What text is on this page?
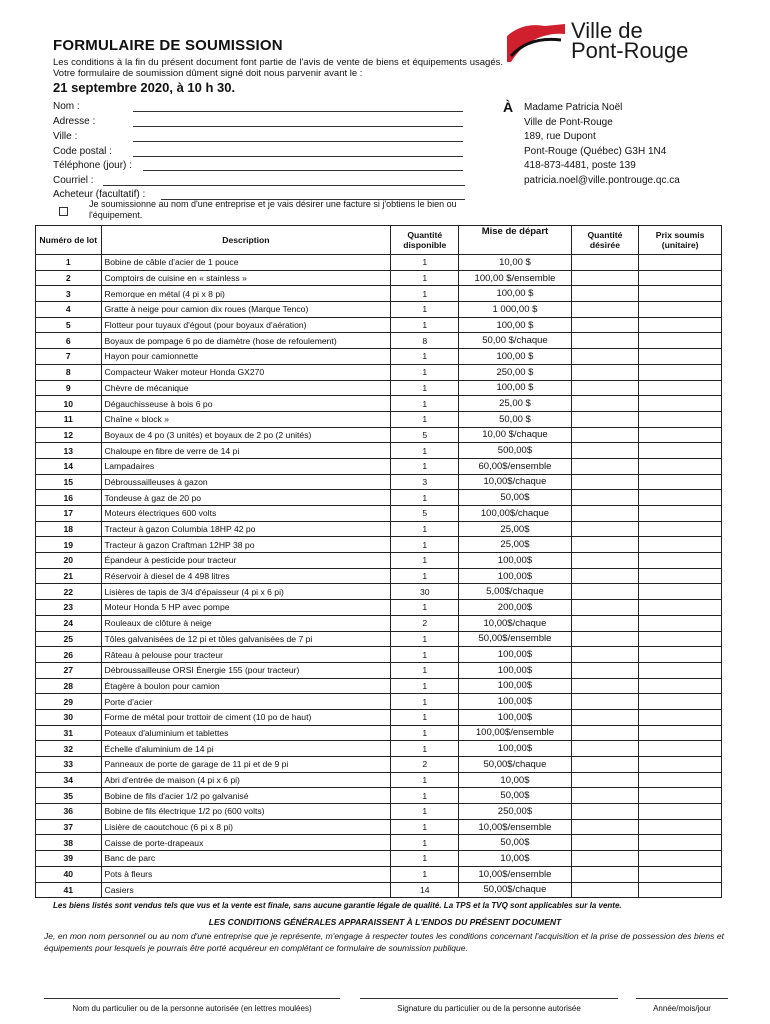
Ville de
Pont-Rouge
FORMULAIRE DE SOUMISSION
Les conditions à la fin du présent document font partie de l'avis de vente de biens et équipements usagés. Votre formulaire de soumission dûment signé doit nous parvenir avant le :
21 septembre 2020, à 10 h 30.
Nom :
Adresse :
Ville :
Code postal :
Téléphone (jour) :
Courriel :
Acheteur (facultatif) :
À Madame Patricia Noël
Ville de Pont-Rouge
189, rue Dupont
Pont-Rouge (Québec) G3H 1N4
418-873-4481, poste 139
patricia.noel@ville.pontrouge.qc.ca
Je soumissionne au nom d'une entreprise et je vais désirer une facture si j'obtiens le bien ou l'équipement.
Numéro de lot	Description	Quantité disponible	Mise de départ	Quantité désirée	Prix soumis (unitaire)
1	Bobine de câble d'acier de 1 pouce	1	10,00 $		
2	Comptoirs de cuisine en « stainless »	1	100,00 $/ensemble		
3	Remorque en métal (4 pi x 8 pi)	1	100,00 $		
4	Gratte à neige pour camion dix roues (Marque Tenco)	1	1 000,00 $		
5	Flotteur pour tuyaux d'égout (pour boyaux d'aération)	1	100,00 $		
6	Boyaux de pompage 6 po de diamètre (hose de refoulement)	8	50,00 $/chaque		
7	Hayon pour camionnette	1	100,00 $		
8	Compacteur Waker moteur Honda GX270	1	250,00 $		
9	Chèvre de mécanique	1	100,00 $		
10	Dégauchisseuse à bois 6 po	1	25,00 $		
11	Chaîne « block »	1	50,00 $		
12	Boyaux de 4 po (3 unités) et boyaux de 2 po (2 unités)	5	10,00 $/chaque		
13	Chaloupe en fibre de verre de 14 pi	1	500,00$		
14	Lampadaires	1	60,00$/ensemble		
15	Débroussailleuses à gazon	3	10,00$/chaque		
16	Tondeuse à gaz de 20 po	1	50,00$		
17	Moteurs électriques 600 volts	5	100,00$/chaque		
18	Tracteur à gazon Columbia 18HP 42 po	1	25,00$		
19	Tracteur à gazon Craftman 12HP 38 po	1	25,00$		
20	Épandeur à pesticide pour tracteur	1	100,00$		
21	Réservoir à diesel de 4 498 litres	1	100,00$		
22	Lisières de tapis de 3/4 d'épaisseur (4 pi x 6 pi)	30	5,00$/chaque		
23	Moteur Honda 5 HP avec pompe	1	200,00$		
24	Rouleaux de clôture à neige	2	10,00$/chaque		
25	Tôles galvanisées de 12 pi et tôles galvanisées de 7 pi	1	50,00$/ensemble		
26	Râteau à pelouse pour tracteur	1	100,00$		
27	Débroussailleuse ORSI Énergie 155 (pour tracteur)	1	100,00$		
28	Étagère à boulon pour camion	1	100,00$		
29	Porte d'acier	1	100,00$		
30	Forme de métal pour trottoir de ciment (10 po de haut)	1	100,00$		
31	Poteaux d'aluminium et tablettes	1	100,00$/ensemble		
32	Échelle d'aluminium de 14 pi	1	100,00$		
33	Panneaux de porte de garage de 11 pi et de 9 pi	2	50,00$/chaque		
34	Abri d'entrée de maison (4 pi x 6 pi)	1	10,00$		
35	Bobine de fils d'acier 1/2 po galvanisé	1	50,00$		
36	Bobine de fils électrique 1/2 po (600 volts)	1	250,00$		
37	Lisière de caoutchouc (6 pi x 8 pi)	1	10,00$/ensemble		
38	Caisse de porte-drapeaux	1	50,00$		
39	Banc de parc	1	10,00$		
40	Pots à fleurs	1	10,00$/ensemble		
41	Casiers	14	50,00$/chaque		
Les biens listés sont vendus tels que vus et la vente est finale, sans aucune garantie légale de qualité. La TPS et la TVQ sont applicables sur la vente.
LES CONDITIONS GÉNÉRALES APPARAISSENT À L'ENDOS DU PRÉSENT DOCUMENT
Je, en mon nom personnel ou au nom d'une entreprise que je représente, m'engage à respecter toutes les conditions concernant l'acquisition et la prise de possession des biens et équipements pour lesquels je pourrais être porté acquéreur en complétant ce formulaire de soumission publique.
Nom du particulier ou de la personne autorisée (en lettres moulées)	Signature du particulier ou de la personne autorisée	Année/mois/jour
